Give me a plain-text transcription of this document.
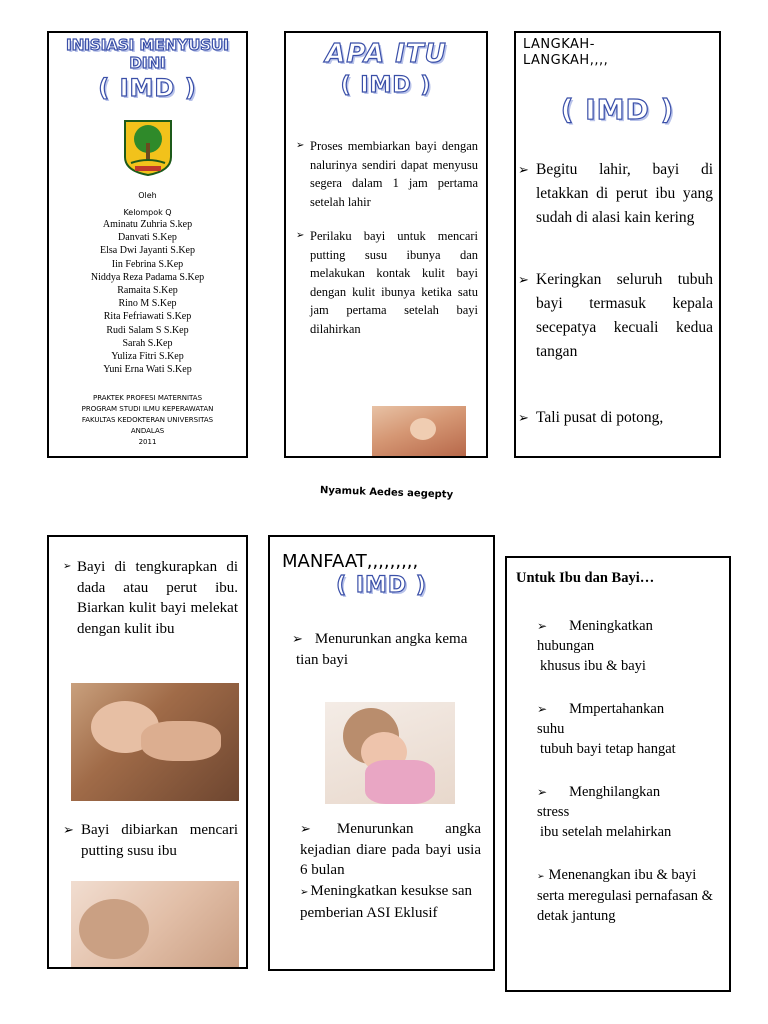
INISIASI MENYUSUI DINI
( IMD )
Oleh
Kelompok Q
Aminatu Zuhria S.kep
Danvati S.Kep
Elsa Dwi Jayanti S.Kep
Iin Febrina S.Kep
Niddya Reza Padama S.Kep
Ramaita S.Kep
Rino M S.Kep
Rita Fefriawati S.Kep
Rudi Salam S S.Kep
Sarah S.Kep
Yuliza Fitri S.Kep
Yuni Erna Wati S.Kep
PRAKTEK PROFESI MATERNITAS
PROGRAM STUDI ILMU KEPERAWATAN
FAKULTAS KEDOKTERAN UNIVERSITAS
ANDALAS
2011
APA ITU
( IMD )
➢ Proses membiarkan bayi dengan nalurinya sendiri dapat menyusu segera dalam 1 jam pertama setelah lahir
➢ Perilaku bayi untuk mencari putting susu ibunya dan melakukan kontak kulit bayi dengan kulit ibunya ketika satu jam pertama setelah bayi dilahirkan
LANGKAH-
LANGKAH,,,,
( IMD )
➢ Begitu lahir, bayi di letakkan di perut ibu yang sudah di alasi kain kering
➢ Keringkan seluruh tubuh bayi termasuk kepala secepatya kecuali kedua tangan
➢ Tali pusat di potong,
Nyamuk Aedes aegepty
➢ Bayi di tengkurapkan di dada atau perut ibu. Biarkan kulit bayi melekat dengan kulit ibu
➢ Bayi dibiarkan mencari putting susu ibu
MANFAAT,,,,,,,,,
( IMD )
➢ Menurunkan angka kema
tian bayi
➢ Menurunkan angka kejadian diare pada bayi usia 6 bulan
➢ Meningkatkan kesukse san pemberian ASI Eklusif
Untuk Ibu dan Bayi…
➢ Meningkatkan
hubungan
khusus ibu & bayi
➢ Mmpertahankan
suhu
tubuh bayi tetap hangat
➢ Menghilangkan
stress
ibu setelah melahirkan
➢ Menenangkan ibu & bayi serta meregulasi pernafasan & detak jantung
